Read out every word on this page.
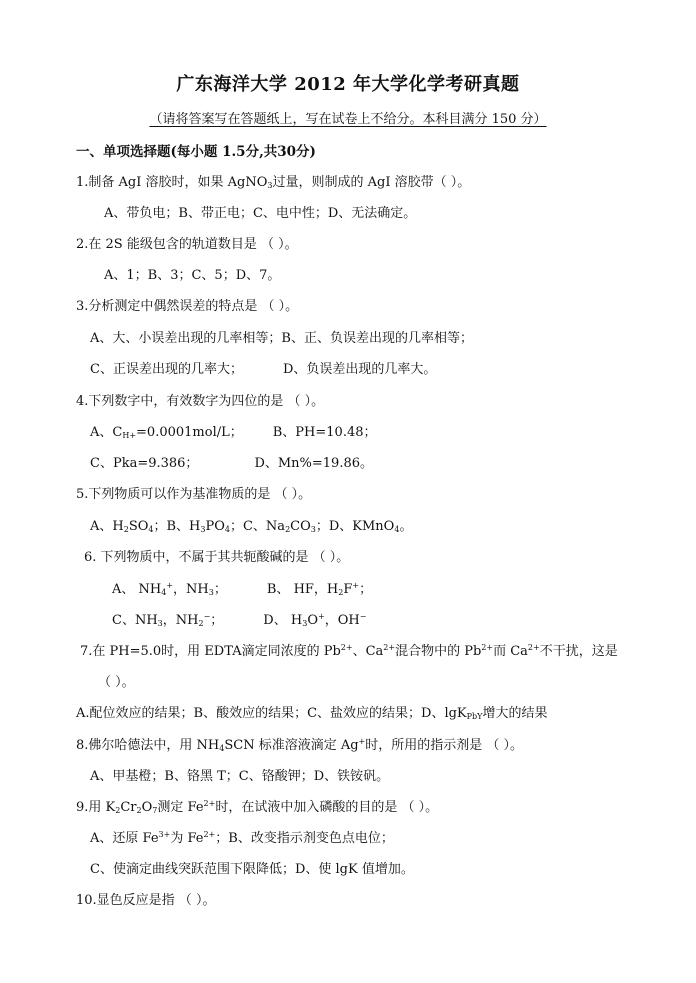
广东海洋大学 2012 年大学化学考研真题
（请将答案写在答题纸上，写在试卷上不给分。本科目满分 150 分）
一、单项选择题(每小题 1.5分,共30分)
1.制备 AgI 溶胶时，如果 AgNO$_3$过量，则制成的 AgI 溶胶带（ ）。
A、带负电；B、带正电；C、电中性；D、无法确定。
2.在 2S 能级包含的轨道数目是 （ ）。
A、1；B、3；C、5；D、7。
3.分析测定中偶然误差的特点是 （ ）。
A、大、小误差出现的几率相等；B、正、负误差出现的几率相等；
C、正误差出现的几率大；	D、负误差出现的几率大。
4.下列数字中，有效数字为四位的是 （ ）。
A、$C_{H+}=0.0001mol/L$； B、PH=10.48；
C、Pka=9.386；	D、Mn%=19.86。
5.下列物质可以作为基准物质的是 （ ）。
A、$H_2SO_4$；B、$H_3PO_4$；C、$Na_2CO_3$；D、KMnO$_4$。
6. 下列物质中，不属于其共轭酸碱的是 （ ）。
A、 $NH_4^+$，$NH_3$；	B、 HF，$H_2F^+$；
C、$NH_3$，$NH_2^-$；	D、 $H_3O^+$，OH−
7.在 PH=5.0时，用 EDTA滴定同浓度的 $Pb^{2+}$、$Ca^{2+}$混合物中的 $Pb^{2+}$而 $Ca^{2+}$不干扰，这是
（ ）。
A.配位效应的结果；B、酸效应的结果；C、盐效应的结果；D、lgK$_{PbY}$增大的结果
8.佛尔哈德法中，用 $NH_4SCN$ 标准溶液滴定 Ag+时，所用的指示剂是 （ ）。
A、甲基橙；B、铬黑 T；C、铬酸钾；D、铁铵矾。
9.用 $K_2Cr_2O_7$测定 $Fe^{2+}$时，在试液中加入磷酸的目的是 （ ）。
A、还原 $Fe^{3+}$为 $Fe^{2+}$；B、改变指示剂变色点电位；
C、使滴定曲线突跃范围下限降低；D、使 lgK 值增加。
10.显色反应是指 （ ）。
